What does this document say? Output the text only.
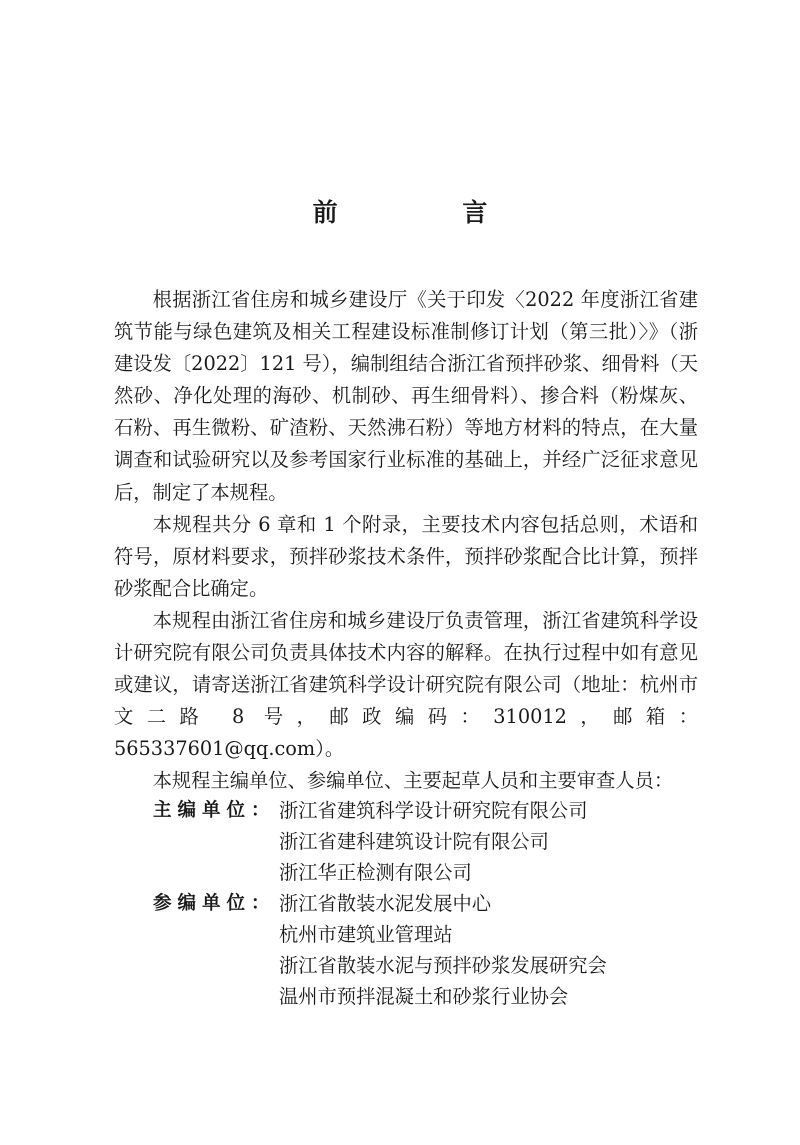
前 言

根据浙江省住房和城乡建设厅《关于印发〈2022 年度浙江省建筑节能与绿色建筑及相关工程建设标准制修订计划（第三批）〉》（浙建设发〔2022〕121 号），编制组结合浙江省预拌砂浆、细骨料（天然砂、净化处理的海砂、机制砂、再生细骨料）、掺合料（粉煤灰、石粉、再生微粉、矿渣粉、天然沸石粉）等地方材料的特点，在大量调查和试验研究以及参考国家行业标准的基础上，并经广泛征求意见后，制定了本规程。

本规程共分 6 章和 1 个附录，主要技术内容包括总则，术语和符号，原材料要求，预拌砂浆技术条件，预拌砂浆配合比计算，预拌砂浆配合比确定。

本规程由浙江省住房和城乡建设厅负责管理，浙江省建筑科学设计研究院有限公司负责具体技术内容的解释。在执行过程中如有意见或建议，请寄送浙江省建筑科学设计研究院有限公司（地址：杭州市文二路 8 号，邮政编码：310012，邮箱：565337601@qq.com）。

本规程主编单位、参编单位、主要起草人员和主要审查人员：

主编单位： 浙江省建筑科学设计研究院有限公司
浙江省建科建筑设计院有限公司
浙江华正检测有限公司
参编单位： 浙江省散装水泥发展中心
杭州市建筑业管理站
浙江省散装水泥与预拌砂浆发展研究会
温州市预拌混凝土和砂浆行业协会
